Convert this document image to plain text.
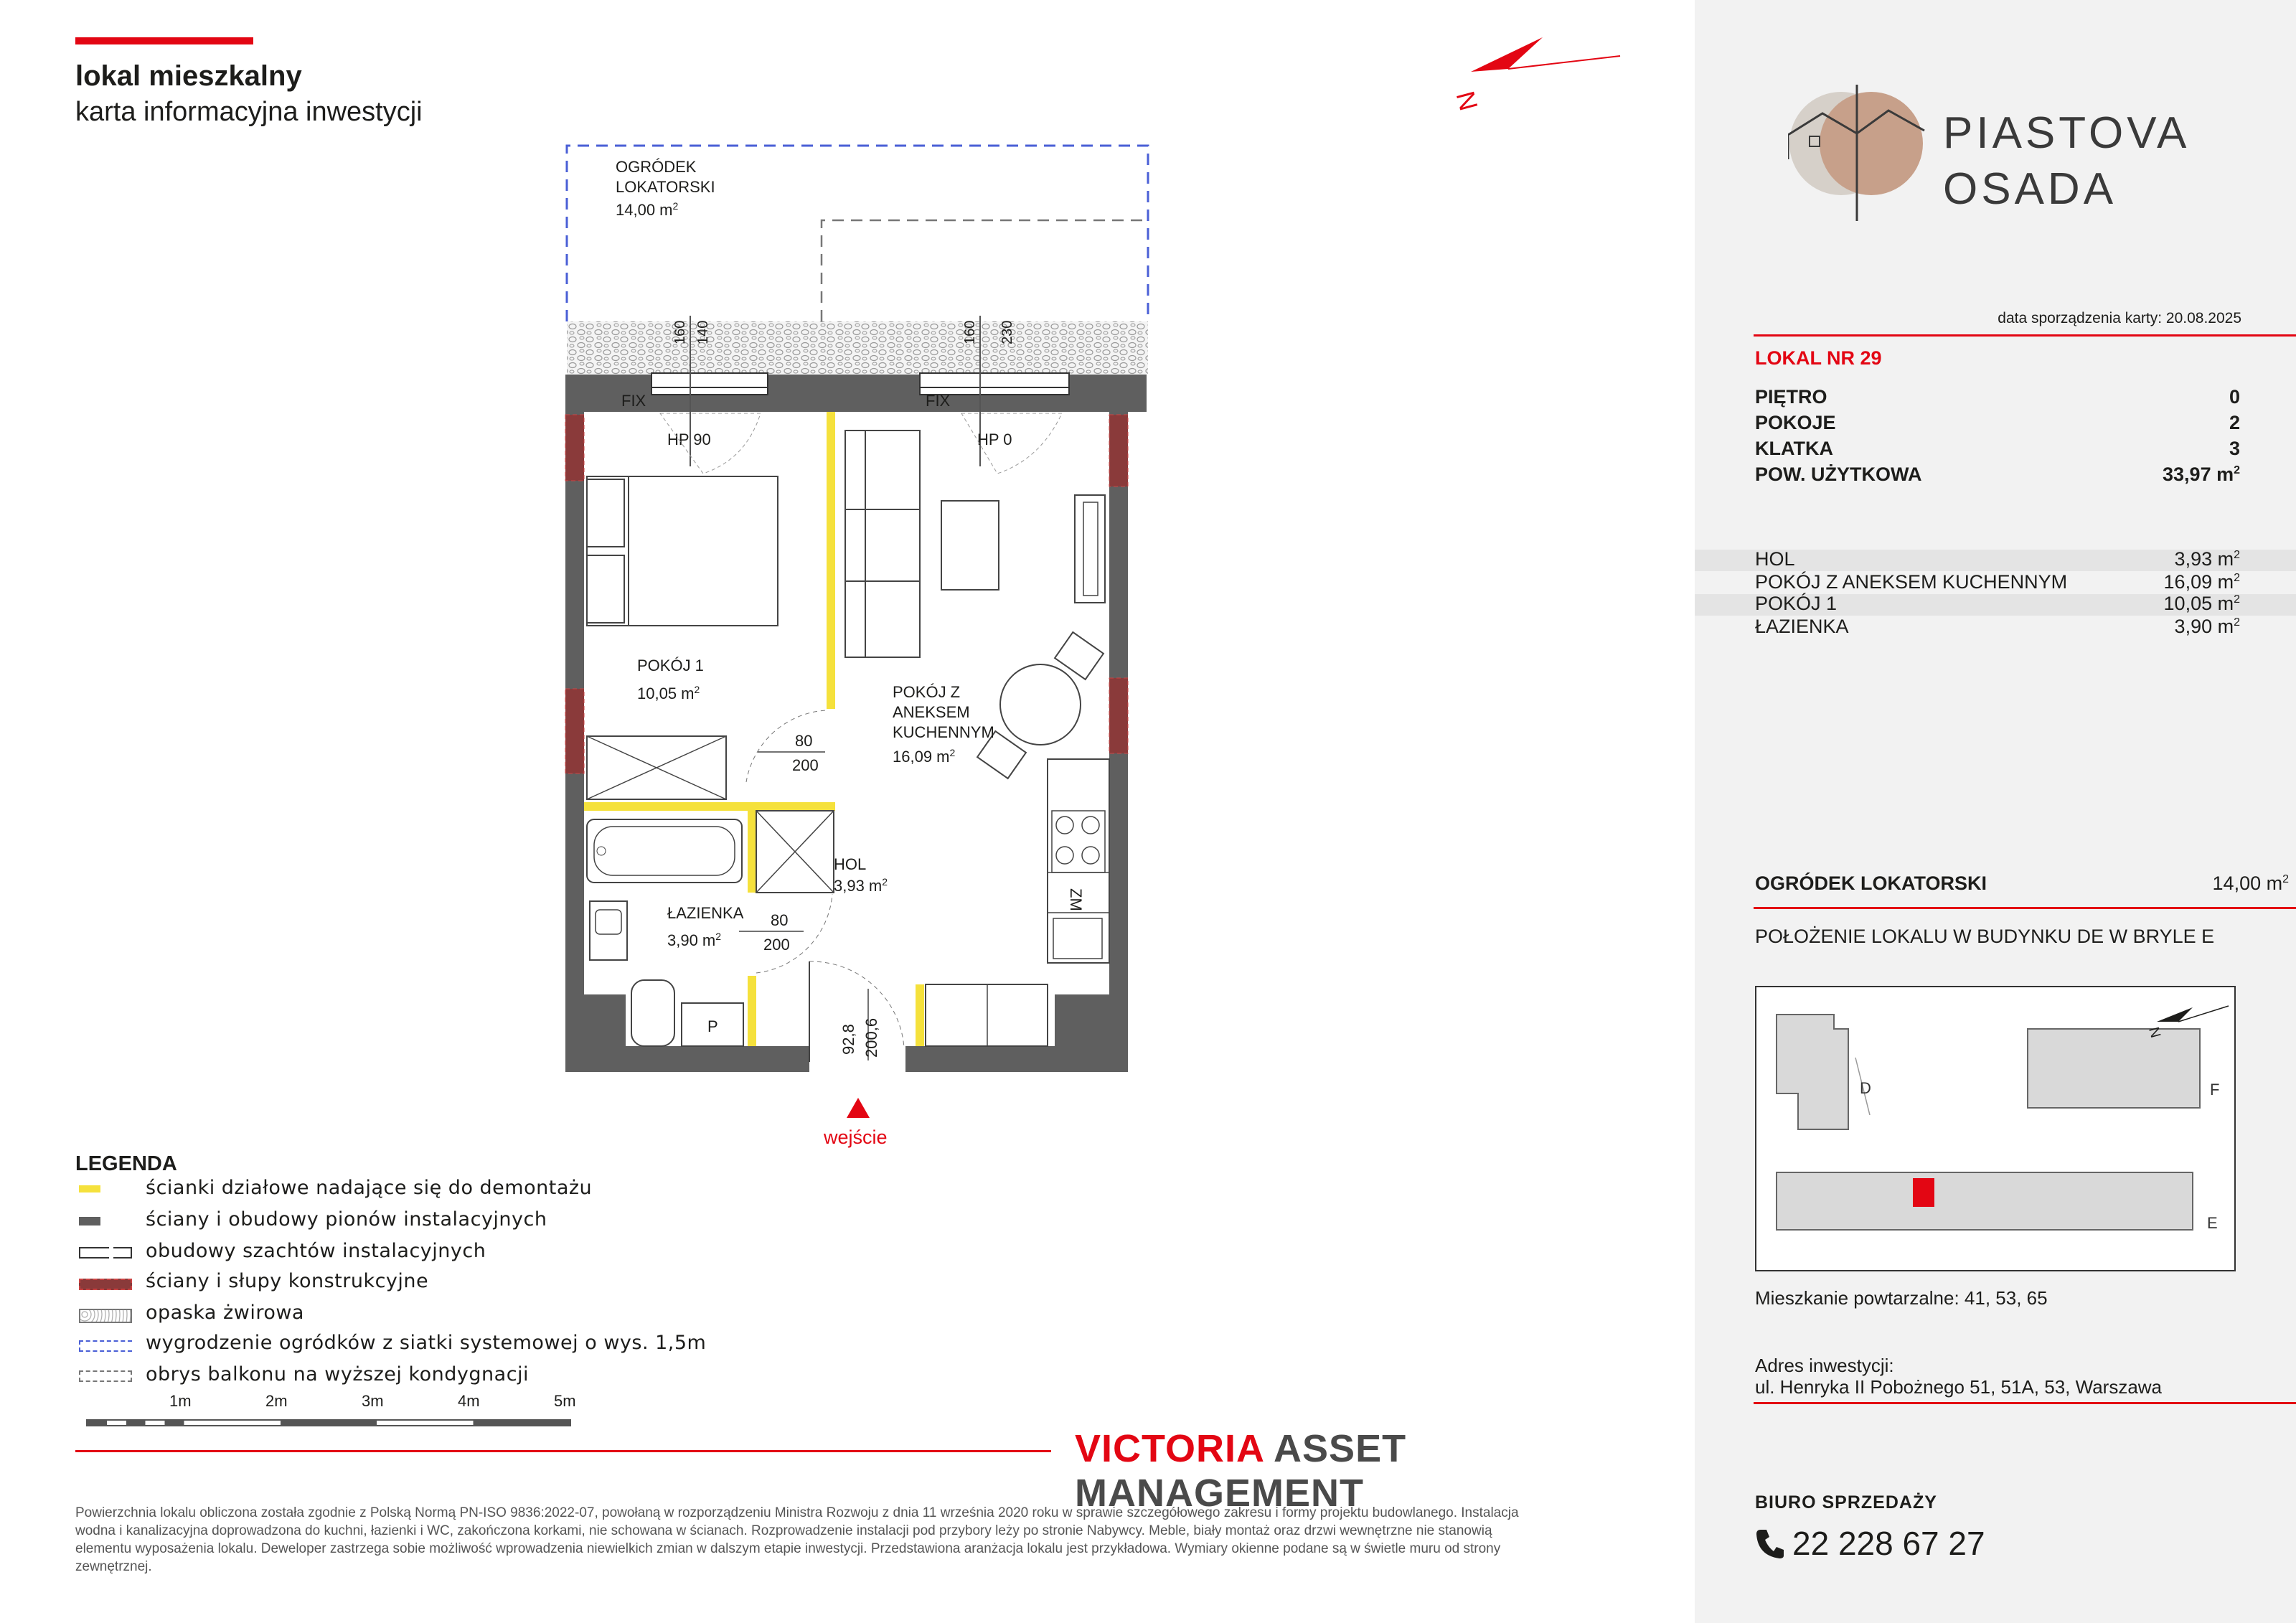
lokal mieszkalny
karta informacyjna inwestycji
OGRÓDEK
LOKATORSKI
14,00 $m^2$
160 140	160 230
FIX	FIX
HP 90	HP 0
ZM
P
POKÓJ 1
10,05 $m^2$	POKÓJ Z
ANEKSEM
KUCHENNYM
16,09 $m^2$
HOL
3,93 $m^2$
ŁAZIENKA
3,90 $m^2$
80
200
80
200
92,8 200,6
wejście
N
LEGENDA
ścianki działowe nadające się do demontażu
ściany i obudowy pionów instalacyjnych
obudowy szachtów instalacyjnych
ściany i słupy konstrukcyjne
opaska żwirowa
wygrodzenie ogródków z siatki systemowej o wys. 1,5m
obrys balkonu na wyższej kondygnacji
1m	2m	3m	4m	5m
VICTORIA ASSET MANAGEMENT
Powierzchnia lokalu obliczona została zgodnie z Polską Normą PN-ISO 9836:2022-07, powołaną w rozporządzeniu Ministra Rozwoju z dnia 11 września 2020 roku w sprawie szczegółowego zakresu i formy projektu budowlanego. Instalacja
wodna i kanalizacyjna doprowadzona do kuchni, łazienki i WC, zakończona korkami, nie schowana w ścianach. Rozprowadzenie instalacji pod przybory leży po stronie Nabywcy. Meble, biały montaż oraz drzwi wewnętrzne nie stanowią
elementu wyposażenia lokalu. Deweloper zastrzega sobie możliwość wprowadzenia niewielkich zmian w dalszym etapie inwestycji. Przedstawiona aranżacja lokalu jest przykładowa. Wymiary okienne podane są w świetle muru od strony
zewnętrznej.
PIASTOVA
OSADA
data sporządzenia karty: 20.08.2025
LOKAL NR 29
PIĘTRO	0
POKOJE	2
KLATKA	3
POW. UŻYTKOWA	33,97 $m^2$
HOL	3,93 $m^2$
POKÓJ Z ANEKSEM KUCHENNYM	16,09 $m^2$
POKÓJ 1	10,05 $m^2$
ŁAZIENKA	3,90 $m^2$
OGRÓDEK LOKATORSKI	14,00 $m^2$
POŁOŻENIE LOKALU W BUDYNKU DE W BRYLE E
D	F
E
N
Mieszkanie powtarzalne: 41, 53, 65
Adres inwestycji:
ul. Henryka II Pobożnego 51, 51A, 53, Warszawa
BIURO SPRZEDAŻY
22 228 67 27
